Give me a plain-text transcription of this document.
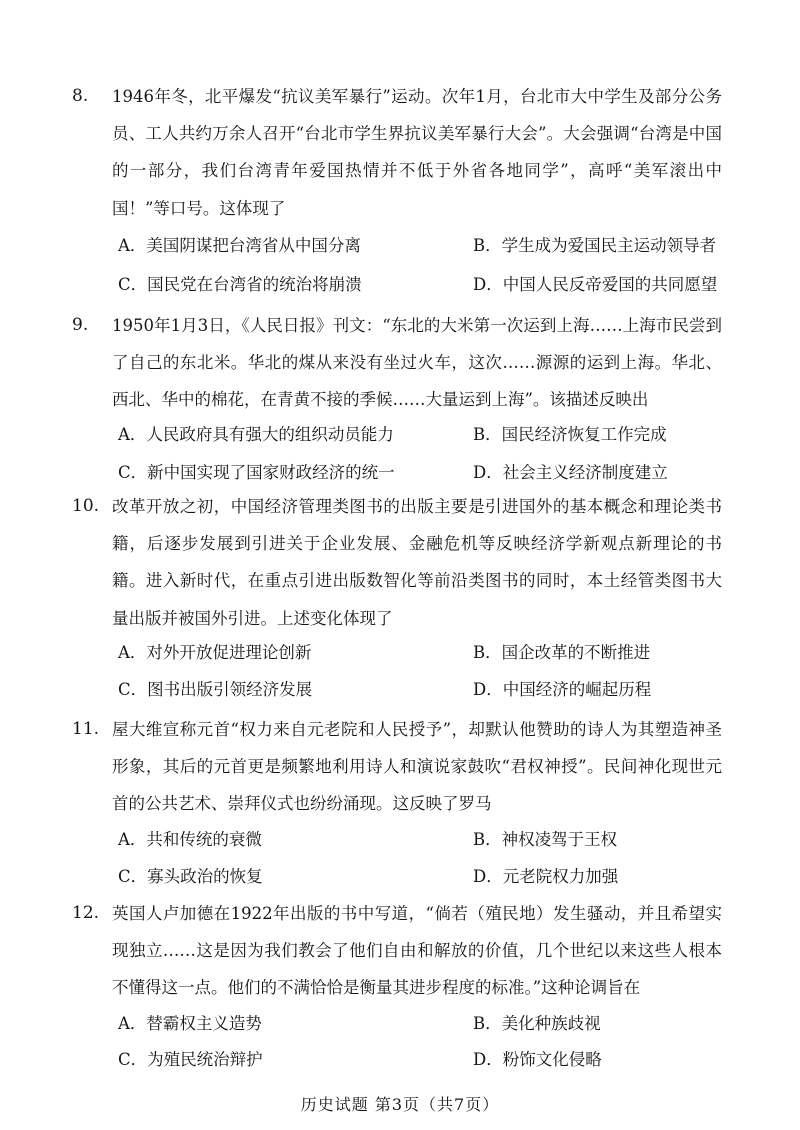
8. 1946年冬，北平爆发“抗议美军暴行”运动。次年1月，台北市大中学生及部分公务员、工人共约万余人召开“台北市学生界抗议美军暴行大会”。大会强调“台湾是中国的一部分，我们台湾青年爱国热情并不低于外省各地同学”，高呼“美军滚出中国！”等口号。这体现了
A．美国阴谋把台湾省从中国分离	B．学生成为爱国民主运动领导者
C．国民党在台湾省的统治将崩溃	D．中国人民反帝爱国的共同愿望
9. 1950年1月3日，《人民日报》刊文：“东北的大米第一次运到上海……上海市民尝到了自己的东北米。华北的煤从来没有坐过火车，这次……源源的运到上海。华北、西北、华中的棉花，在青黄不接的季候……大量运到上海”。该描述反映出
A．人民政府具有强大的组织动员能力	B．国民经济恢复工作完成
C．新中国实现了国家财政经济的统一	D．社会主义经济制度建立
10. 改革开放之初，中国经济管理类图书的出版主要是引进国外的基本概念和理论类书籍，后逐步发展到引进关于企业发展、金融危机等反映经济学新观点新理论的书籍。进入新时代，在重点引进出版数智化等前沿类图书的同时，本土经管类图书大量出版并被国外引进。上述变化体现了
A．对外开放促进理论创新	B．国企改革的不断推进
C．图书出版引领经济发展	D．中国经济的崛起历程
11. 屋大维宣称元首“权力来自元老院和人民授予”，却默认他赞助的诗人为其塑造神圣形象，其后的元首更是频繁地利用诗人和演说家鼓吹“君权神授”。民间神化现世元首的公共艺术、崇拜仪式也纷纷涌现。这反映了罗马
A．共和传统的衰微	B．神权凌驾于王权
C．寡头政治的恢复	D．元老院权力加强
12. 英国人卢加德在1922年出版的书中写道，“倘若（殖民地）发生骚动，并且希望实现独立……这是因为我们教会了他们自由和解放的价值，几个世纪以来这些人根本不懂得这一点。他们的不满恰恰是衡量其进步程度的标准。”这种论调旨在
A．替霸权主义造势	B．美化种族歧视
C．为殖民统治辩护	D．粉饰文化侵略
历史试题 第3页（共7页）
